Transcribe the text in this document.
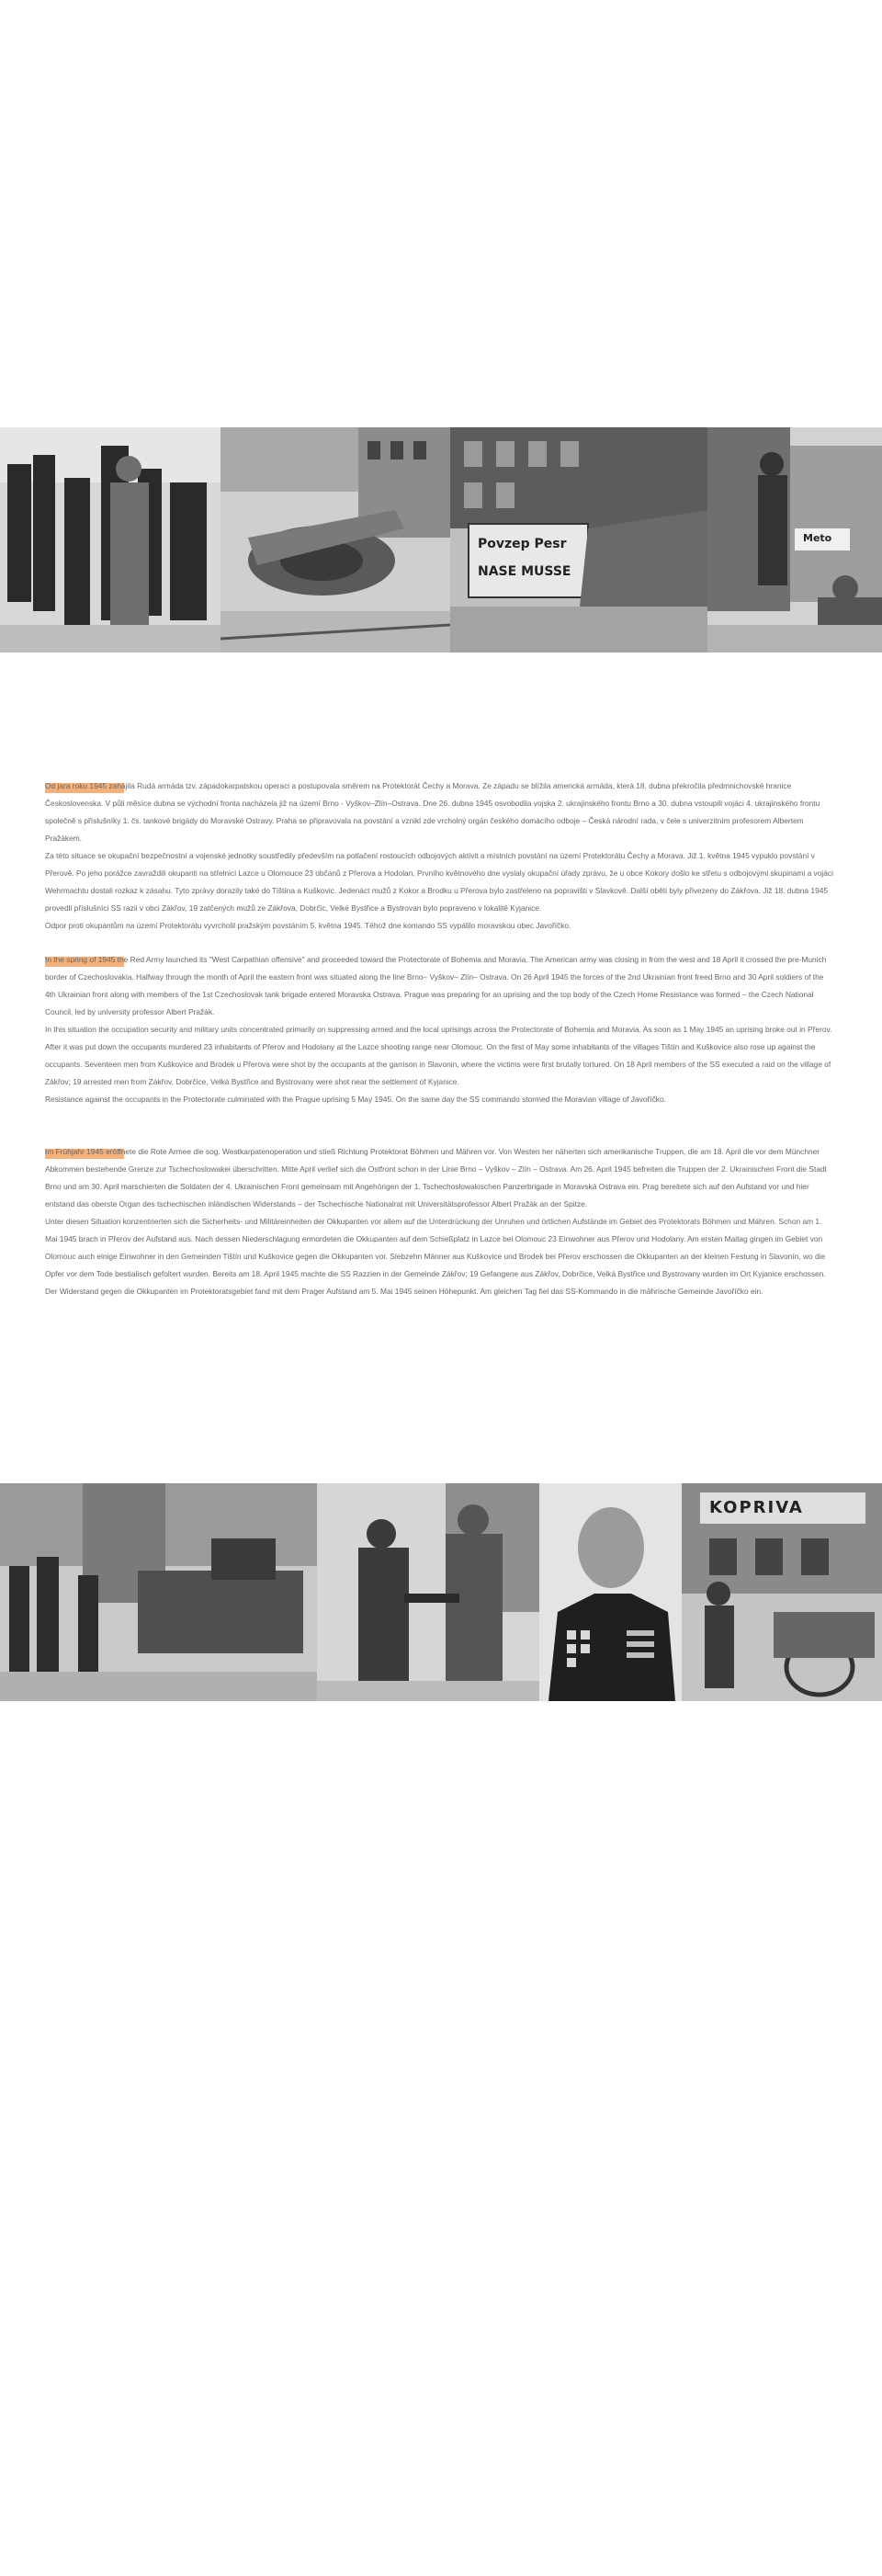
Povzep Pesr
NASE MUSSE
Meto

Od jara roku 1945 zahájila Rudá armáda tzv. západokarpatskou operaci a postupovala směrem na Protektorát Čechy a Morava. Ze západu se blížila americká armáda, která 18. dubna překročila předmnichovské hranice Československa. V půli měsíce dubna se východní fronta nacházela již na území Brno - Vyškov–Zlín–Ostrava. Dne 26. dubna 1945 osvobodila vojska 2. ukrajinského frontu Brno a 30. dubna vstoupili vojáci 4. ukrajinského frontu společně s příslušníky 1. čs. tankové brigády do Moravské Ostravy. Praha se připravovala na povstání a vznikl zde vrcholný orgán českého domácího odboje – Česká národní rada, v čele s univerzitním profesorem Albertem Pražákem.

Za této situace se okupační bezpečnostní a vojenské jednotky soustředily především na potlačení rostoucích odbojových aktivit a místních povstání na území Protektorátu Čechy a Morava. Již 1. května 1945 vypuklo povstání v Přerově. Po jeho porážce zavraždili okupanti na střelnici Lazce u Olomouce 23 občanů z Přerova a Hodolan. Prvního květnového dne vyslaly okupační úřady zprávu, že u obce Kokory došlo ke střetu s odbojovými skupinami a vojáci Wehrmachtu dostali rozkaz k zásahu. Tyto zprávy dorazily také do Tištína a Kuškovic. Jedenáct mužů z Kokor a Brodku u Přerova bylo zastřeleno na popravišti v Slavkově. Další oběti byly přivezeny do Zákřova. Již 18. dubna 1945 provedli příslušníci SS razii v obci Zákřov, 19 zatčených mužů ze Zákřova, Dobrčic, Velké Bystřice a Bystrovan bylo popraveno v lokalitě Kyjanice.

Odpor proti okupantům na území Protektorátu vyvrcholil pražským povstáním 5. května 1945. Téhož dne komando SS vypálilo moravskou obec Javoříčko.

In the spring of 1945 the Red Army launched its "West Carpathian offensive" and proceeded toward the Protectorate of Bohemia and Moravia. The American army was closing in from the west and 18 April it crossed the pre-Munich border of Czechoslovakia. Halfway through the month of April the eastern front was situated along the line Brno– Vyškov– Zlín– Ostrava. On 26 April 1945 the forces of the 2nd Ukrainian front freed Brno and 30 April soldiers of the 4th Ukrainian front along with members of the 1st Czechoslovak tank brigade entered Moravska Ostrava. Prague was preparing for an uprising and the top body of the Czech Home Resistance was formed – the Czech National Council, led by university professor Albert Pražák.

In this situation the occupation security and military units concentrated primarily on suppressing armed and the local uprisings across the Protectorate of Bohemia and Moravia. As soon as 1 May 1945 an uprising broke out in Přerov. After it was put down the occupants murdered 23 inhabitants of Přerov and Hodolany at the Lazce shooting range near Olomouc. On the first of May some inhabitants of the villages Tištín and Kuškovice also rose up against the occupants. Seventeen men from Kuškovice and Brodek u Přerova were shot by the occupants at the garrison in Slavonin, where the victims were first brutally tortured. On 18 April members of the SS executed a raid on the village of Zákřov; 19 arrested men from Zákřov, Dobrčice, Velká Bystřice and Bystrovany were shot near the settlement of Kyjanice.

Resistance against the occupants in the Protectorate culminated with the Prague uprising 5 May 1945. On the same day the SS commando stormed the Moravian village of Javoříčko.

Im Frühjahr 1945 eröffnete die Rote Armee die sog. Westkarpatenoperation und stieß Richtung Protektorat Böhmen und Mähren vor. Von Westen her näherten sich amerikanische Truppen, die am 18. April die vor dem Münchner Abkommen bestehende Grenze zur Tschechoslowakei überschritten. Mitte April verlief sich die Ostfront schon in der Linie Brno – Vyškov – Zlín – Ostrava. Am 26. April 1945 befreiten die Truppen der 2. Ukrainischen Front die Stadt Brno und am 30. April marschierten die Soldaten der 4. Ukrainischen Front gemeinsam mit Angehörigen der 1. Tschechoslowakischen Panzerbrigade in Moravská Ostrava ein. Prag bereitete sich auf den Aufstand vor und hier entstand das oberste Organ des tschechischen inländischen Widerstands – der Tschechische Nationalrat mit Universitätsprofessor Albert Pražák an der Spitze.

Unter diesen Situation konzentrierten sich die Sicherheits- und Militäreinheiten der Okkupanten vor allem auf die Unterdrückung der Unruhen und örtlichen Aufstände im Gebiet des Protektorats Böhmen und Mähren. Schon am 1. Mai 1945 brach in Přerov der Aufstand aus. Nach dessen Niederschlagung ermordeten die Okkupanten auf dem Schießplatz in Lazce bei Olomouc 23 Einwohner aus Přerov und Hodolany. Am ersten Maitag gingen im Gebiet von Olomouc auch einige Einwohner in den Gemeinden Tištín und Kuškovice gegen die Okkupanten vor. Siebzehn Männer aus Kuškovice und Brodek bei Přerov erschossen die Okkupanten an der kleinen Festung in Slavonín, wo die Opfer vor dem Tode bestialisch gefoltert wurden. Bereits am 18. April 1945 machte die SS Razzien in der Gemeinde Zákřov; 19 Gefangene aus Zákřov, Dobrčice, Velká Bystřice und Bystrovany wurden im Ort Kyjanice erschossen.

Der Widerstand gegen die Okkupanten im Protektoratsgebiet fand mit dem Prager Aufstand am 5. Mai 1945 seinen Höhepunkt. Am gleichen Tag fiel das SS-Kommando in die mährische Gemeinde Javoříčko ein.

KOPRIVA
